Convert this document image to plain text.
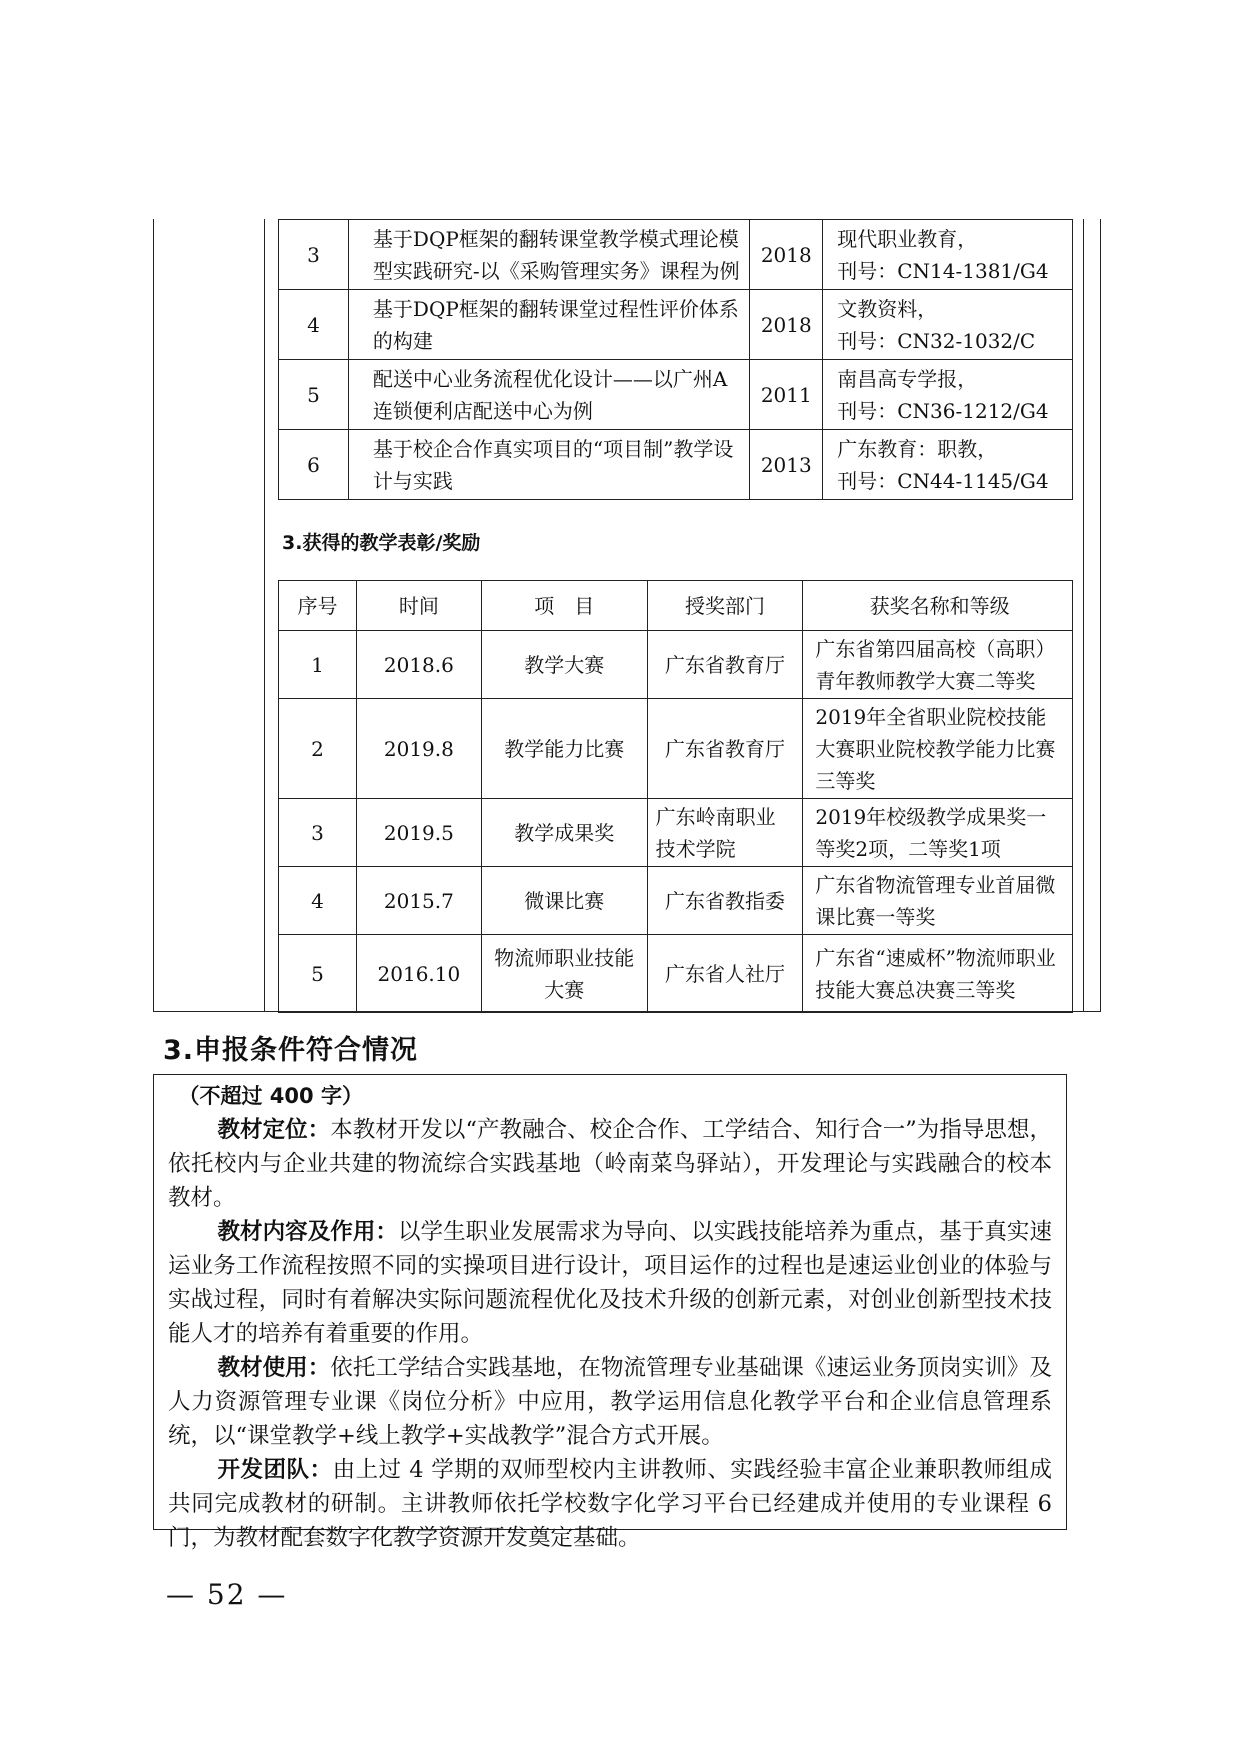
3	基于DQP框架的翻转课堂教学模式理论模型实践研究-以《采购管理实务》课程为例	2018	现代职业教育，
刊号：CN14-1381/G4

4	基于DQP框架的翻转课堂过程性评价体系的构建	2018	文教资料，
刊号：CN32-1032/C

5	配送中心业务流程优化设计——以广州A连锁便利店配送中心为例	2011	南昌高专学报，
刊号：CN36-1212/G4

6	基于校企合作真实项目的“项目制”教学设计与实践	2013	广东教育：职教，
刊号：CN44-1145/G4
3.获得的教学表彰/奖励
序号	时间	项　目	授奖部门	获奖名称和等级
1	2018.6	教学大赛	广东省教育厅	广东省第四届高校（高职）青年教师教学大赛二等奖
2	2019.8	教学能力比赛	广东省教育厅	2019年全省职业院校技能大赛职业院校教学能力比赛三等奖
3	2019.5	教学成果奖	广东岭南职业技术学院	2019年校级教学成果奖一等奖2项，二等奖1项
4	2015.7	微课比赛	广东省教指委	广东省物流管理专业首届微课比赛一等奖
5	2016.10	物流师职业技能大赛	广东省人社厅	广东省“速威杯”物流师职业技能大赛总决赛三等奖
3.申报条件符合情况

（不超过 400 字）

教材定位：本教材开发以“产教融合、校企合作、工学结合、知行合一”为指导思想，依托校内与企业共建的物流综合实践基地（岭南菜鸟驿站），开发理论与实践融合的校本教材。

教材内容及作用：以学生职业发展需求为导向、以实践技能培养为重点，基于真实速运业务工作流程按照不同的实操项目进行设计，项目运作的过程也是速运业创业的体验与实战过程，同时有着解决实际问题流程优化及技术升级的创新元素，对创业创新型技术技能人才的培养有着重要的作用。

教材使用：依托工学结合实践基地，在物流管理专业基础课《速运业务顶岗实训》及人力资源管理专业课《岗位分析》中应用，教学运用信息化教学平台和企业信息管理系统，以“课堂教学+线上教学+实战教学”混合方式开展。

开发团队：由上过 4 学期的双师型校内主讲教师、实践经验丰富企业兼职教师组成共同完成教材的研制。主讲教师依托学校数字化学习平台已经建成并使用的专业课程 6 门，为教材配套数字化教学资源开发奠定基础。

— 52 —
